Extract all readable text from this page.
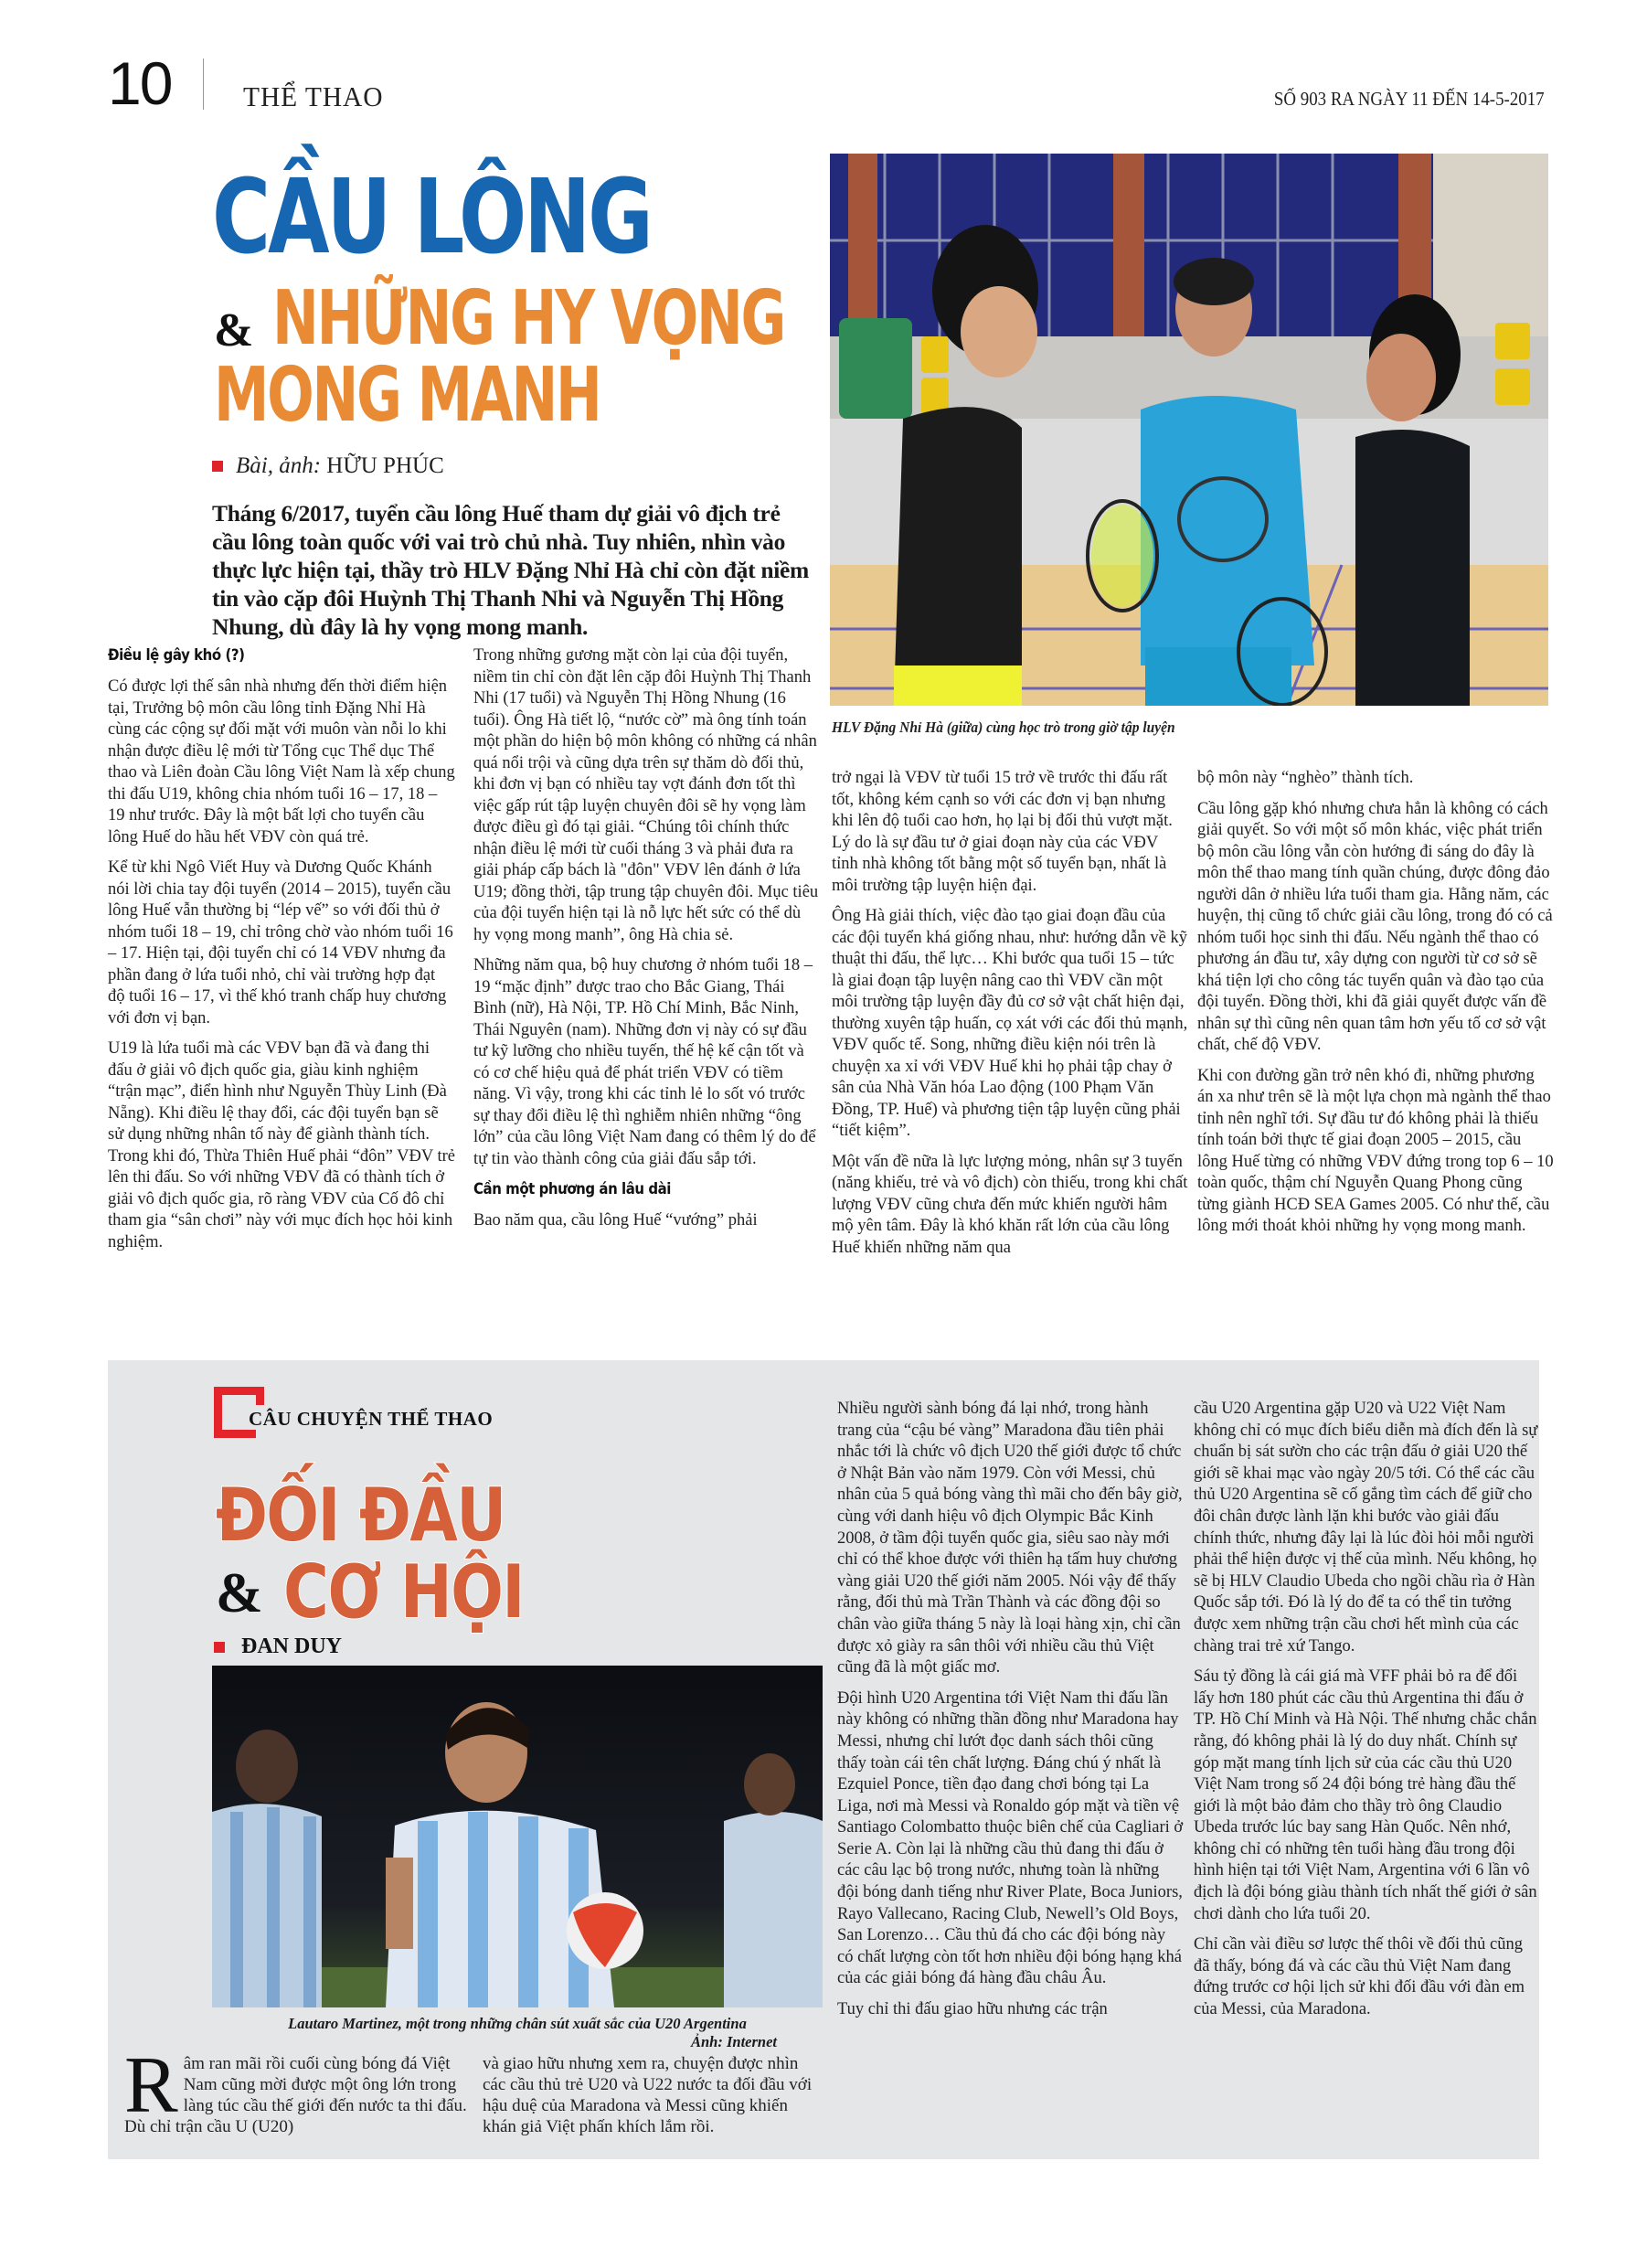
10	THỂ THAO	SỐ 903 RA NGÀY 11 ĐẾN 14-5-2017
CẦU LÔNG
& NHỮNG HY VỌNG
MONG MANH
Bài, ảnh: HỮU PHÚC
Tháng 6/2017, tuyển cầu lông Huế tham dự giải vô địch trẻ cầu lông toàn quốc với vai trò chủ nhà. Tuy nhiên, nhìn vào thực lực hiện tại, thầy trò HLV Đặng Nhỉ Hà chỉ còn đặt niềm tin vào cặp đôi Huỳnh Thị Thanh Nhi và Nguyễn Thị Hồng Nhung, dù đây là hy vọng mong manh.
HLV Đặng Nhỉ Hà (giữa) cùng học trò trong giờ tập luyện
Điều lệ gây khó (?)

Có được lợi thế sân nhà nhưng đến thời điểm hiện tại, Trưởng bộ môn cầu lông tỉnh Đặng Nhỉ Hà cùng các cộng sự đối mặt với muôn vàn nỗi lo khi nhận được điều lệ mới từ Tổng cục Thể dục Thể thao và Liên đoàn Cầu lông Việt Nam là xếp chung thi đấu U19, không chia nhóm tuổi 16 – 17, 18 – 19 như trước. Đây là một bất lợi cho tuyển cầu lông Huế do hầu hết VĐV còn quá trẻ.

Kể từ khi Ngô Viết Huy và Dương Quốc Khánh nói lời chia tay đội tuyển (2014 – 2015), tuyển cầu lông Huế vẫn thường bị “lép vế” so với đối thủ ở nhóm tuổi 18 – 19, chỉ trông chờ vào nhóm tuổi 16 – 17. Hiện tại, đội tuyển chỉ có 14 VĐV nhưng đa phần đang ở lứa tuổi nhỏ, chỉ vài trường hợp đạt độ tuổi 16 – 17, vì thế khó tranh chấp huy chương với đơn vị bạn.

U19 là lứa tuổi mà các VĐV bạn đã và đang thi đấu ở giải vô địch quốc gia, giàu kinh nghiệm “trận mạc”, điển hình như Nguyễn Thùy Linh (Đà Nẵng). Khi điều lệ thay đổi, các đội tuyển bạn sẽ sử dụng những nhân tố này để giành thành tích. Trong khi đó, Thừa Thiên Huế phải “đôn” VĐV trẻ lên thi đấu. So với những VĐV đã có thành tích ở giải vô địch quốc gia, rõ ràng VĐV của Cố đô chỉ tham gia “sân chơi” này với mục đích học hỏi kinh nghiệm.

Trong những gương mặt còn lại của đội tuyển, niềm tin chỉ còn đặt lên cặp đôi Huỳnh Thị Thanh Nhi (17 tuổi) và Nguyễn Thị Hồng Nhung (16 tuổi). Ông Hà tiết lộ, “nước cờ” mà ông tính toán một phần do hiện bộ môn không có những cá nhân quá nổi trội và cũng dựa trên sự thăm dò đối thủ, khi đơn vị bạn có nhiều tay vợt đánh đơn tốt thì việc gấp rút tập luyện chuyên đôi sẽ hy vọng làm được điều gì đó tại giải. “Chúng tôi chính thức nhận điều lệ mới từ cuối tháng 3 và phải đưa ra giải pháp cấp bách là "đôn" VĐV lên đánh ở lứa U19; đồng thời, tập trung tập chuyên đôi. Mục tiêu của đội tuyển hiện tại là nỗ lực hết sức có thể dù hy vọng mong manh”, ông Hà chia sẻ.

Những năm qua, bộ huy chương ở nhóm tuổi 18 – 19 “mặc định” được trao cho Bắc Giang, Thái Bình (nữ), Hà Nội, TP. Hồ Chí Minh, Bắc Ninh, Thái Nguyên (nam). Những đơn vị này có sự đầu tư kỹ lưỡng cho nhiều tuyến, thế hệ kế cận tốt và có cơ chế hiệu quả để phát triển VĐV có tiềm năng. Vì vậy, trong khi các tỉnh lẻ lo sốt vó trước sự thay đổi điều lệ thì nghiễm nhiên những “ông lớn” của cầu lông Việt Nam đang có thêm lý do để tự tin vào thành công của giải đấu sắp tới.

Cần một phương án lâu dài

Bao năm qua, cầu lông Huế “vướng” phải

trở ngại là VĐV từ tuổi 15 trở về trước thi đấu rất tốt, không kém cạnh so với các đơn vị bạn nhưng khi lên độ tuổi cao hơn, họ lại bị đối thủ vượt mặt. Lý do là sự đầu tư ở giai đoạn này của các VĐV tỉnh nhà không tốt bằng một số tuyển bạn, nhất là môi trường tập luyện hiện đại.

Ông Hà giải thích, việc đào tạo giai đoạn đầu của các đội tuyển khá giống nhau, như: hướng dẫn về kỹ thuật thi đấu, thể lực… Khi bước qua tuổi 15 – tức là giai đoạn tập luyện nâng cao thì VĐV cần một môi trường tập luyện đầy đủ cơ sở vật chất hiện đại, thường xuyên tập huấn, cọ xát với các đối thủ mạnh, VĐV quốc tế. Song, những điều kiện nói trên là chuyện xa xỉ với VĐV Huế khi họ phải tập chay ở sân của Nhà Văn hóa Lao động (100 Phạm Văn Đồng, TP. Huế) và phương tiện tập luyện cũng phải “tiết kiệm”.

Một vấn đề nữa là lực lượng mỏng, nhân sự 3 tuyến (năng khiếu, trẻ và vô địch) còn thiếu, trong khi chất lượng VĐV cũng chưa đến mức khiến người hâm mộ yên tâm. Đây là khó khăn rất lớn của cầu lông Huế khiến những năm qua

bộ môn này “nghèo” thành tích.

Cầu lông gặp khó nhưng chưa hẳn là không có cách giải quyết. So với một số môn khác, việc phát triển bộ môn cầu lông vẫn còn hướng đi sáng do đây là môn thể thao mang tính quần chúng, được đông đảo người dân ở nhiều lứa tuổi tham gia. Hằng năm, các huyện, thị cũng tổ chức giải cầu lông, trong đó có cả nhóm tuổi học sinh thi đấu. Nếu ngành thể thao có phương án đầu tư, xây dựng con người từ cơ sở sẽ khá tiện lợi cho công tác tuyển quân và đào tạo của đội tuyển. Đồng thời, khi đã giải quyết được vấn đề nhân sự thì cũng nên quan tâm hơn yếu tố cơ sở vật chất, chế độ VĐV.

Khi con đường gần trở nên khó đi, những phương án xa như trên sẽ là một lựa chọn mà ngành thể thao tỉnh nên nghĩ tới. Sự đầu tư đó không phải là thiếu tính toán bởi thực tế giai đoạn 2005 – 2015, cầu lông Huế từng có những VĐV đứng trong top 6 – 10 toàn quốc, thậm chí Nguyễn Quang Phong cũng từng giành HCĐ SEA Games 2005. Có như thế, cầu lông mới thoát khỏi những hy vọng mong manh.

CÂU CHUYỆN THỂ THAO
ĐỐI ĐẦU
& CƠ HỘI
ĐAN DUY
Lautaro Martinez, một trong những chân sút xuất sắc của U20 Argentina
Ảnh: Internet
Râm ran mãi rồi cuối cùng bóng đá Việt Nam cũng mời được một ông lớn trong làng túc cầu thế giới đến nước ta thi đấu. Dù chỉ trận cầu U (U20)
và giao hữu nhưng xem ra, chuyện được nhìn các cầu thủ trẻ U20 và U22 nước ta đối đầu với hậu duệ của Maradona và Messi cũng khiến khán giả Việt phấn khích lắm rồi.

Nhiều người sành bóng đá lại nhớ, trong hành trang của “cậu bé vàng” Maradona đầu tiên phải nhắc tới là chức vô địch U20 thế giới được tổ chức ở Nhật Bản vào năm 1979. Còn với Messi, chủ nhân của 5 quả bóng vàng thì mãi cho đến bây giờ, cùng với danh hiệu vô địch Olympic Bắc Kinh 2008, ở tầm đội tuyển quốc gia, siêu sao này mới chỉ có thể khoe được với thiên hạ tấm huy chương vàng giải U20 thế giới năm 2005. Nói vậy để thấy rằng, đối thủ mà Trần Thành và các đồng đội so chân vào giữa tháng 5 này là loại hàng xịn, chỉ cần được xỏ giày ra sân thôi với nhiều cầu thủ Việt cũng đã là một giấc mơ.

Đội hình U20 Argentina tới Việt Nam thi đấu lần này không có những thần đồng như Maradona hay Messi, nhưng chỉ lướt đọc danh sách thôi cũng thấy toàn cái tên chất lượng. Đáng chú ý nhất là Ezquiel Ponce, tiền đạo đang chơi bóng tại La Liga, nơi mà Messi và Ronaldo góp mặt và tiền vệ Santiago Colombatto thuộc biên chế của Cagliari ở Serie A. Còn lại là những cầu thủ đang thi đấu ở các câu lạc bộ trong nước, nhưng toàn là những đội bóng danh tiếng như River Plate, Boca Juniors, Rayo Vallecano, Racing Club, Newell’s Old Boys, San Lorenzo… Cầu thủ đá cho các đội bóng này có chất lượng còn tốt hơn nhiều đội bóng hạng khá của các giải bóng đá hàng đầu châu Âu.

Tuy chỉ thi đấu giao hữu nhưng các trận

cầu U20 Argentina gặp U20 và U22 Việt Nam không chỉ có mục đích biểu diễn mà đích đến là sự chuẩn bị sát sườn cho các trận đấu ở giải U20 thế giới sẽ khai mạc vào ngày 20/5 tới. Có thể các cầu thủ U20 Argentina sẽ cố gắng tìm cách để giữ cho đôi chân được lành lặn khi bước vào giải đấu chính thức, nhưng đây lại là lúc đòi hỏi mỗi người phải thể hiện được vị thế của mình. Nếu không, họ sẽ bị HLV Claudio Ubeda cho ngồi chầu rìa ở Hàn Quốc sắp tới. Đó là lý do để ta có thể tin tưởng được xem những trận cầu chơi hết mình của các chàng trai trẻ xứ Tango.

Sáu tỷ đồng là cái giá mà VFF phải bỏ ra để đổi lấy hơn 180 phút các cầu thủ Argentina thi đấu ở TP. Hồ Chí Minh và Hà Nội. Thế nhưng chắc chắn rằng, đó không phải là lý do duy nhất. Chính sự góp mặt mang tính lịch sử của các cầu thủ U20 Việt Nam trong số 24 đội bóng trẻ hàng đầu thế giới là một bảo đảm cho thầy trò ông Claudio Ubeda trước lúc bay sang Hàn Quốc. Nên nhớ, không chỉ có những tên tuổi hàng đầu trong đội hình hiện tại tới Việt Nam, Argentina với 6 lần vô địch là đội bóng giàu thành tích nhất thế giới ở sân chơi dành cho lứa tuổi 20.

Chỉ cần vài điều sơ lược thế thôi về đối thủ cũng đã thấy, bóng đá và các cầu thủ Việt Nam đang đứng trước cơ hội lịch sử khi đối đầu với đàn em của Messi, của Maradona.
